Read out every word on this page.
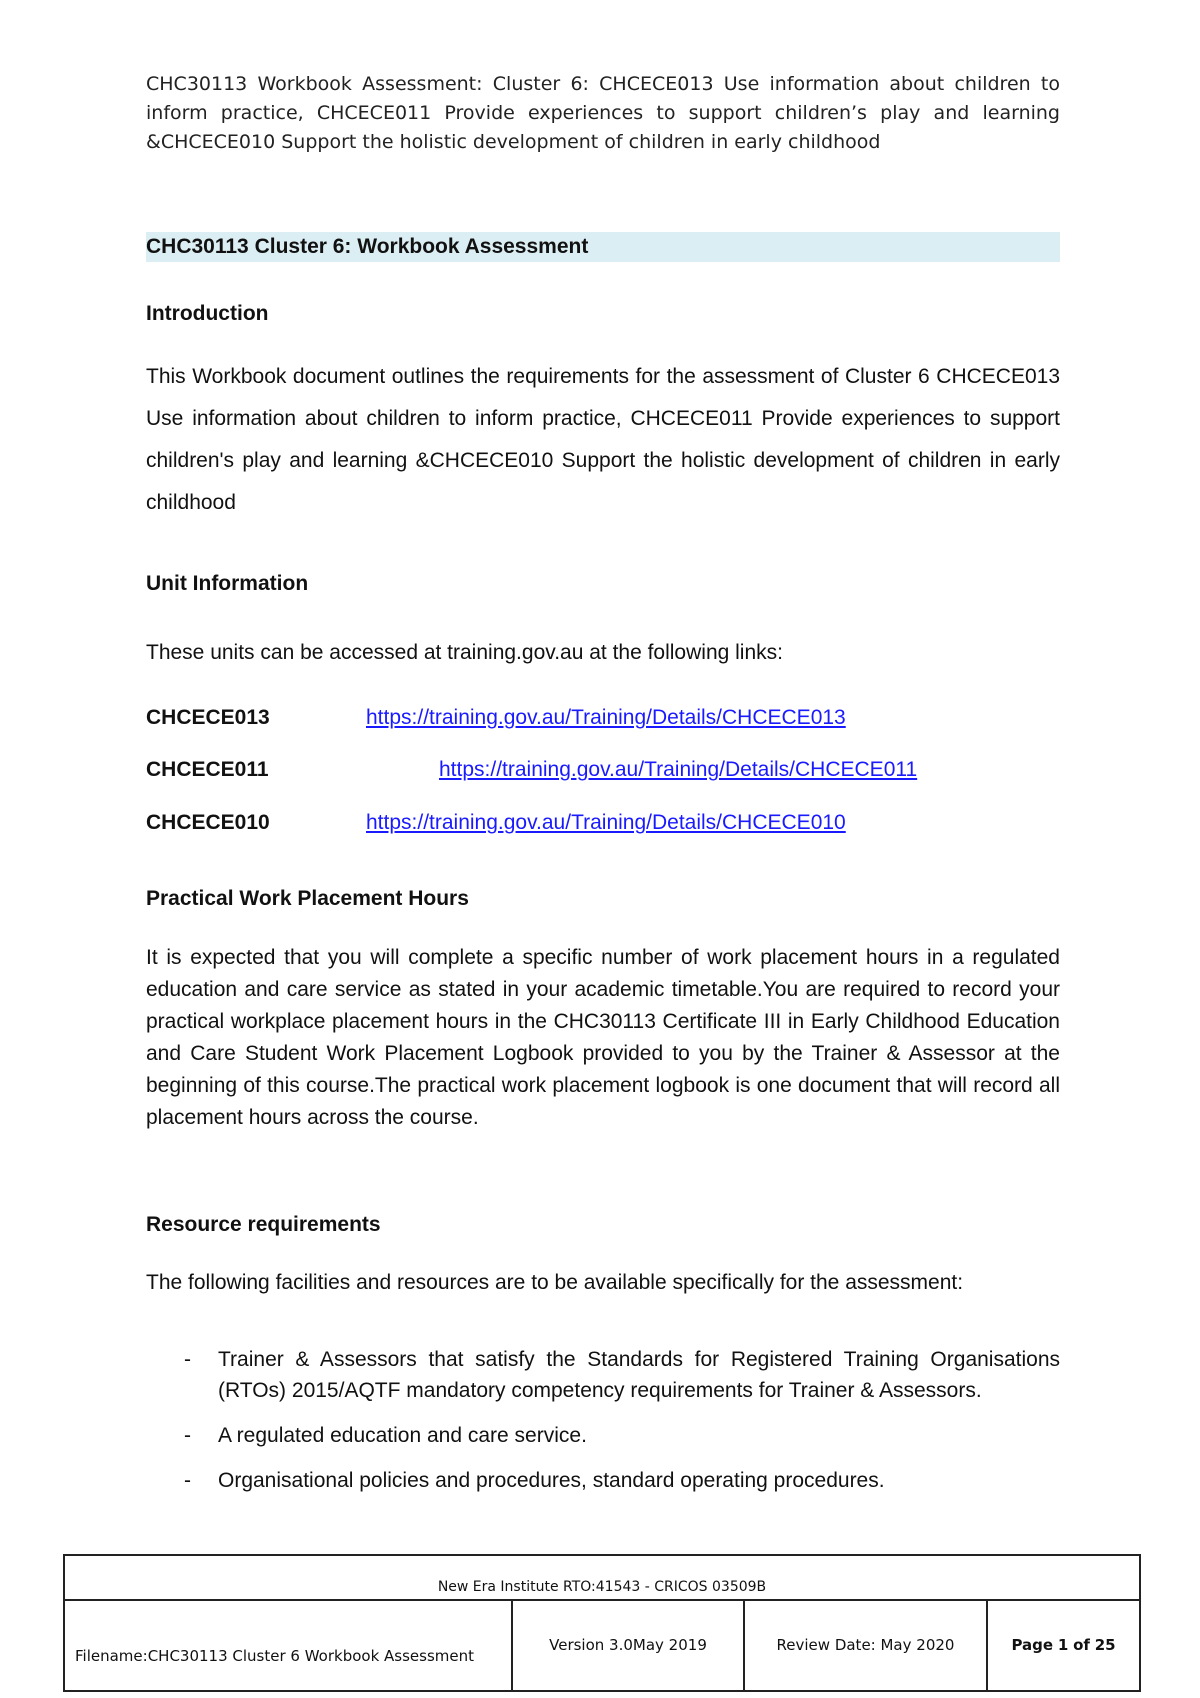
CHC30113 Workbook Assessment: Cluster 6: CHCECE013 Use information about children to inform practice, CHCECE011 Provide experiences to support children’s play and learning &CHCECE010 Support the holistic development of children in early childhood
CHC30113 Cluster 6: Workbook Assessment
Introduction
This Workbook document outlines the requirements for the assessment of Cluster 6 CHCECE013 Use information about children to inform practice, CHCECE011 Provide experiences to support children's play and learning &CHCECE010 Support the holistic development of children in early childhood
Unit Information
These units can be accessed at training.gov.au at the following links:
CHCECE013	https://training.gov.au/Training/Details/CHCECE013
CHCECE011	https://training.gov.au/Training/Details/CHCECE011
CHCECE010	https://training.gov.au/Training/Details/CHCECE010
Practical Work Placement Hours
It is expected that you will complete a specific number of work placement hours in a regulated education and care service as stated in your academic timetable.You are required to record your practical workplace placement hours in the CHC30113 Certificate III in Early Childhood Education and Care Student Work Placement Logbook provided to you by the Trainer & Assessor at the beginning of this course.The practical work placement logbook is one document that will record all placement hours across the course.
Resource requirements
The following facilities and resources are to be available specifically for the assessment:
- Trainer & Assessors that satisfy the Standards for Registered Training Organisations (RTOs) 2015/AQTF mandatory competency requirements for Trainer & Assessors.
- A regulated education and care service.
- Organisational policies and procedures, standard operating procedures.
New Era Institute RTO:41543 - CRICOS 03509B
Filename:CHC30113 Cluster 6 Workbook Assessment
Version 3.0May 2019	Review Date: May 2020	Page 1 of 25
